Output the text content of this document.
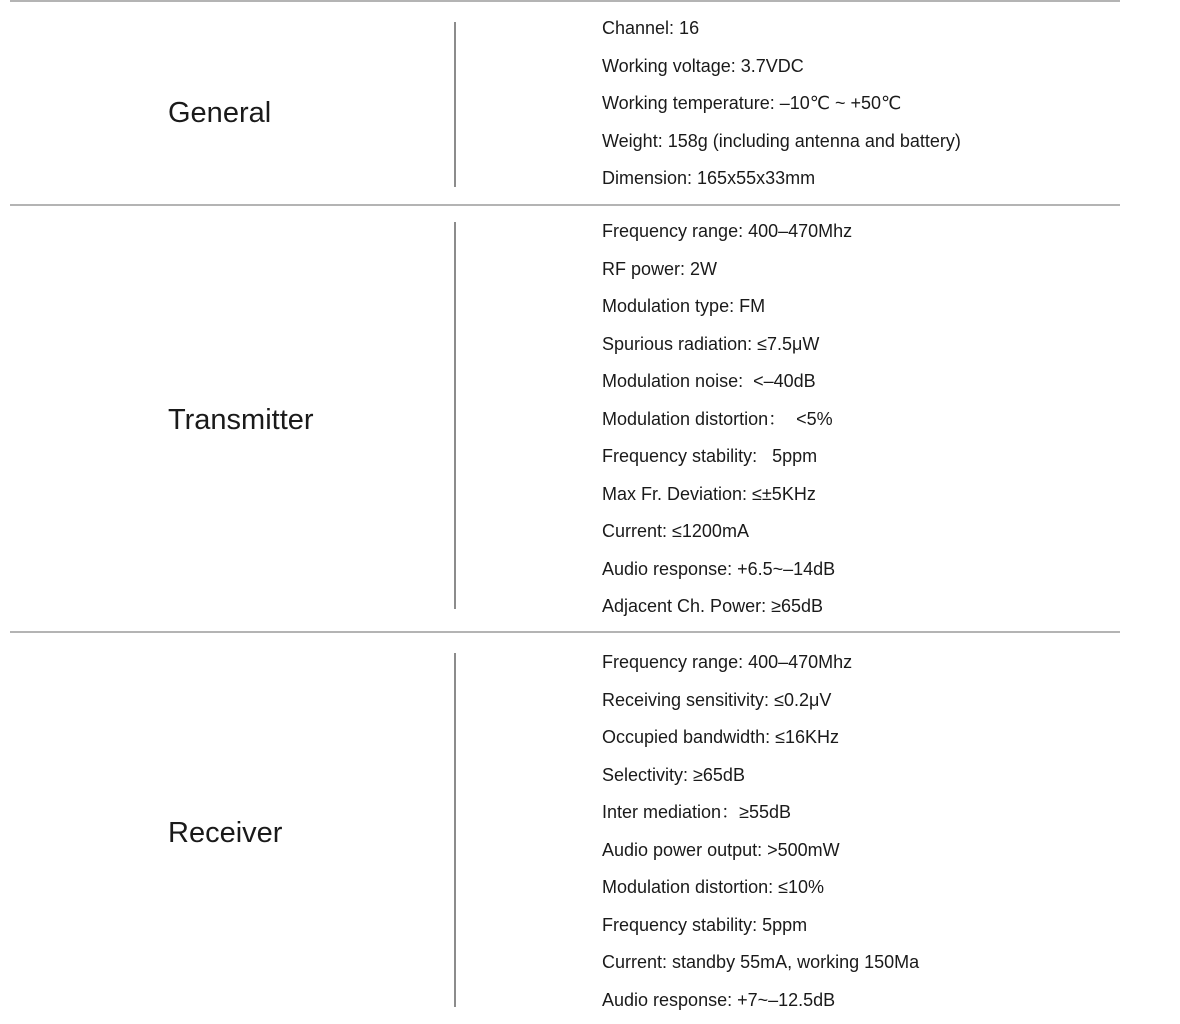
General
Channel: 16
Working voltage: 3.7VDC
Working temperature: –10℃ ~ +50℃
Weight: 158g (including antenna and battery)
Dimension: 165x55x33mm
Transmitter
Frequency range: 400–470Mhz
RF power: 2W
Modulation type: FM
Spurious radiation: ≤7.5μW
Modulation noise:  <–40dB
Modulation distortion：  <5%
Frequency stability:   5ppm
Max Fr. Deviation: ≤±5KHz
Current: ≤1200mA
Audio response: +6.5~–14dB
Adjacent Ch. Power: ≥65dB
Receiver
Frequency range: 400–470Mhz
Receiving sensitivity: ≤0.2μV
Occupied bandwidth: ≤16KHz
Selectivity: ≥65dB
Inter mediation：≥55dB
Audio power output: >500mW
Modulation distortion: ≤10%
Frequency stability: 5ppm
Current: standby 55mA, working 150Ma
Audio response: +7~–12.5dB
